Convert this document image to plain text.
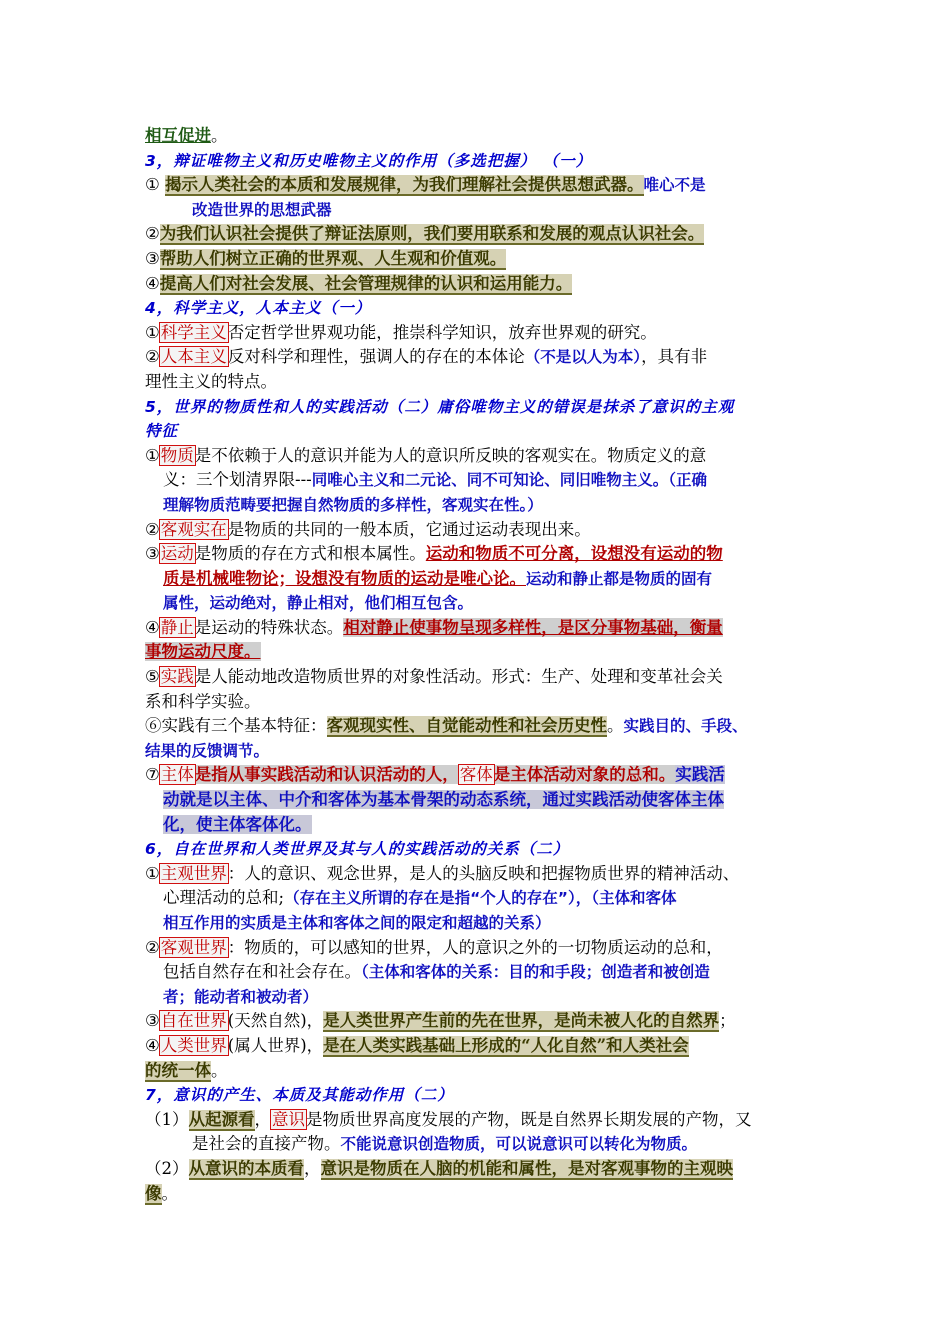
相互促进。
3，辩证唯物主义和历史唯物主义的作用（多选把握） （一）
① 揭示人类社会的本质和发展规律，为我们理解社会提供思想武器。唯心不是
改造世界的思想武器
②为我们认识社会提供了辩证法原则，我们要用联系和发展的观点认识社会。
③帮助人们树立正确的世界观、人生观和价值观。
④提高人们对社会发展、社会管理规律的认识和运用能力。
4，科学主义，人本主义（一）
①科学主义否定哲学世界观功能，推崇科学知识，放弃世界观的研究。
②人本主义反对科学和理性，强调人的存在的本体论（不是以人为本），具有非
理性主义的特点。
5，世界的物质性和人的实践活动（二）庸俗唯物主义的错误是抹杀了意识的主观
特征
①物质是不依赖于人的意识并能为人的意识所反映的客观实在。物质定义的意
义：三个划清界限---同唯心主义和二元论、同不可知论、同旧唯物主义。（正确
理解物质范畴要把握自然物质的多样性，客观实在性。）
②客观实在是物质的共同的一般本质，它通过运动表现出来。
③运动是物质的存在方式和根本属性。运动和物质不可分离，设想没有运动的物
质是机械唯物论；设想没有物质的运动是唯心论。运动和静止都是物质的固有
属性，运动绝对，静止相对，他们相互包含。
④静止是运动的特殊状态。相对静止使事物呈现多样性，是区分事物基础，衡量
事物运动尺度。
⑤实践是人能动地改造物质世界的对象性活动。形式：生产、处理和变革社会关
系和科学实验。
⑥实践有三个基本特征：客观现实性、自觉能动性和社会历史性。实践目的、手段、
结果的反馈调节。
⑦主体是指从事实践活动和认识活动的人，客体是主体活动对象的总和。实践活
动就是以主体、中介和客体为基本骨架的动态系统，通过实践活动使客体主体
化，使主体客体化。
6，自在世界和人类世界及其与人的实践活动的关系（二）
①主观世界：人的意识、观念世界，是人的头脑反映和把握物质世界的精神活动、
心理活动的总和;（存在主义所谓的存在是指“个人的存在”），（主体和客体
相互作用的实质是主体和客体之间的限定和超越的关系）
②客观世界：物质的，可以感知的世界，人的意识之外的一切物质运动的总和，
包括自然存在和社会存在。（主体和客体的关系：目的和手段；创造者和被创造
者；能动者和被动者）
③自在世界(天然自然)，是人类世界产生前的先在世界，是尚未被人化的自然界；
④人类世界(属人世界)，是在人类实践基础上形成的“人化自然”和人类社会
的统一体。
7，意识的产生、本质及其能动作用（二）
（1）从起源看，意识是物质世界高度发展的产物，既是自然界长期发展的产物，又
是社会的直接产物。不能说意识创造物质，可以说意识可以转化为物质。
（2）从意识的本质看，意识是物质在人脑的机能和属性，是对客观事物的主观映
像。
